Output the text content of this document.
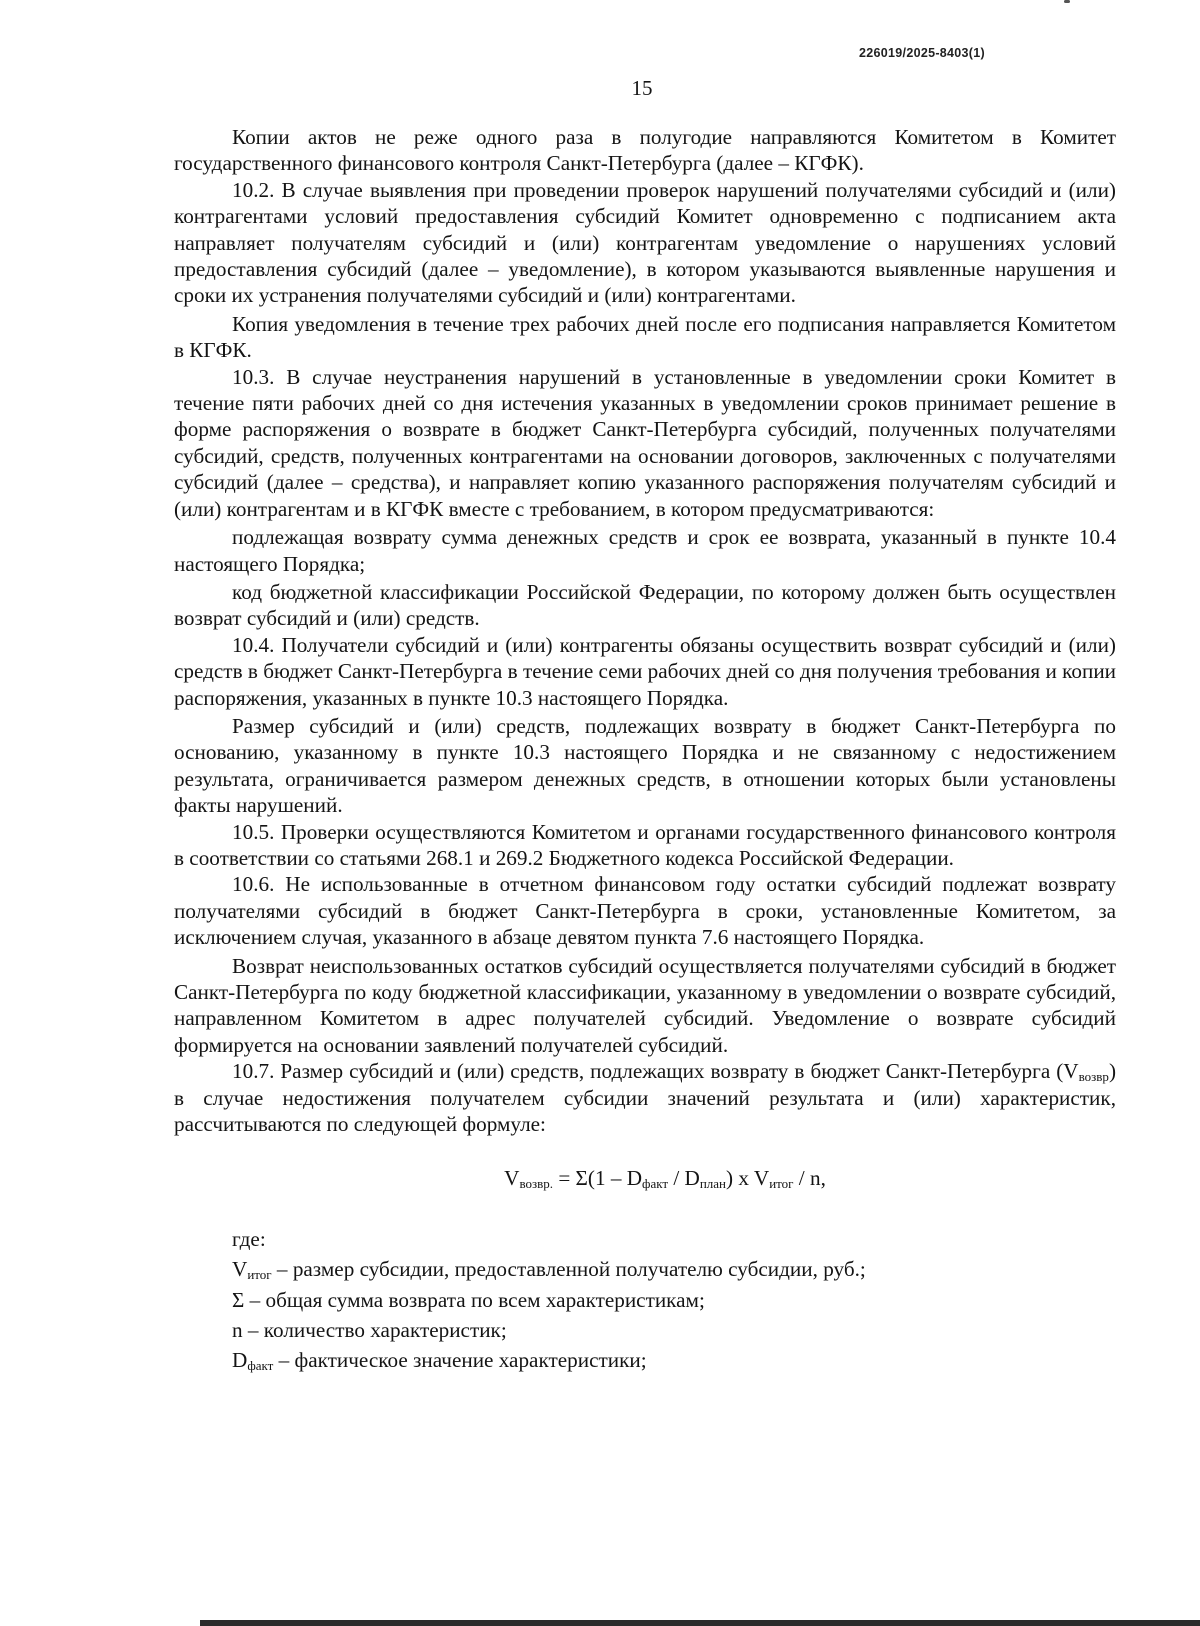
226019/2025-8403(1)
15

Копии актов не реже одного раза в полугодие направляются Комитетом в Комитет государственного финансового контроля Санкт-Петербурга (далее – КГФК).

10.2. В случае выявления при проведении проверок нарушений получателями субсидий и (или) контрагентами условий предоставления субсидий Комитет одновременно с подписанием акта направляет получателям субсидий и (или) контрагентам уведомление о нарушениях условий предоставления субсидий (далее – уведомление), в котором указываются выявленные нарушения и сроки их устранения получателями субсидий и (или) контрагентами.

Копия уведомления в течение трех рабочих дней после его подписания направляется Комитетом в КГФК.

10.3. В случае неустранения нарушений в установленные в уведомлении сроки Комитет в течение пяти рабочих дней со дня истечения указанных в уведомлении сроков принимает решение в форме распоряжения о возврате в бюджет Санкт-Петербурга субсидий, полученных получателями субсидий, средств, полученных контрагентами на основании договоров, заключенных с получателями субсидий (далее – средства), и направляет копию указанного распоряжения получателям субсидий и (или) контрагентам и в КГФК вместе с требованием, в котором предусматриваются:

подлежащая возврату сумма денежных средств и срок ее возврата, указанный в пункте 10.4 настоящего Порядка;

код бюджетной классификации Российской Федерации, по которому должен быть осуществлен возврат субсидий и (или) средств.

10.4. Получатели субсидий и (или) контрагенты обязаны осуществить возврат субсидий и (или) средств в бюджет Санкт-Петербурга в течение семи рабочих дней со дня получения требования и копии распоряжения, указанных в пункте 10.3 настоящего Порядка.

Размер субсидий и (или) средств, подлежащих возврату в бюджет Санкт-Петербурга по основанию, указанному в пункте 10.3 настоящего Порядка и не связанному с недостижением результата, ограничивается размером денежных средств, в отношении которых были установлены факты нарушений.

10.5. Проверки осуществляются Комитетом и органами государственного финансового контроля в соответствии со статьями 268.1 и 269.2 Бюджетного кодекса Российской Федерации.

10.6. Не использованные в отчетном финансовом году остатки субсидий подлежат возврату получателями субсидий в бюджет Санкт-Петербурга в сроки, установленные Комитетом, за исключением случая, указанного в абзаце девятом пункта 7.6 настоящего Порядка.

Возврат неиспользованных остатков субсидий осуществляется получателями субсидий в бюджет Санкт-Петербурга по коду бюджетной классификации, указанному в уведомлении о возврате субсидий, направленном Комитетом в адрес получателей субсидий. Уведомление о возврате субсидий формируется на основании заявлений получателей субсидий.

10.7. Размер субсидий и (или) средств, подлежащих возврату в бюджет Санкт-Петербурга $(V_{возвр})$ в случае недостижения получателем субсидии значений результата и (или) характеристик, рассчитываются по следующей формуле:

$V_{возвр.} = \Sigma(1 - D_{факт} / D_{план})$ x $V_{итог}$ / n,

где:

$V_{итог}$ – размер субсидии, предоставленной получателю субсидии, руб.;

Σ – общая сумма возврата по всем характеристикам;

n – количество характеристик;

$D_{факт}$ – фактическое значение характеристики;
